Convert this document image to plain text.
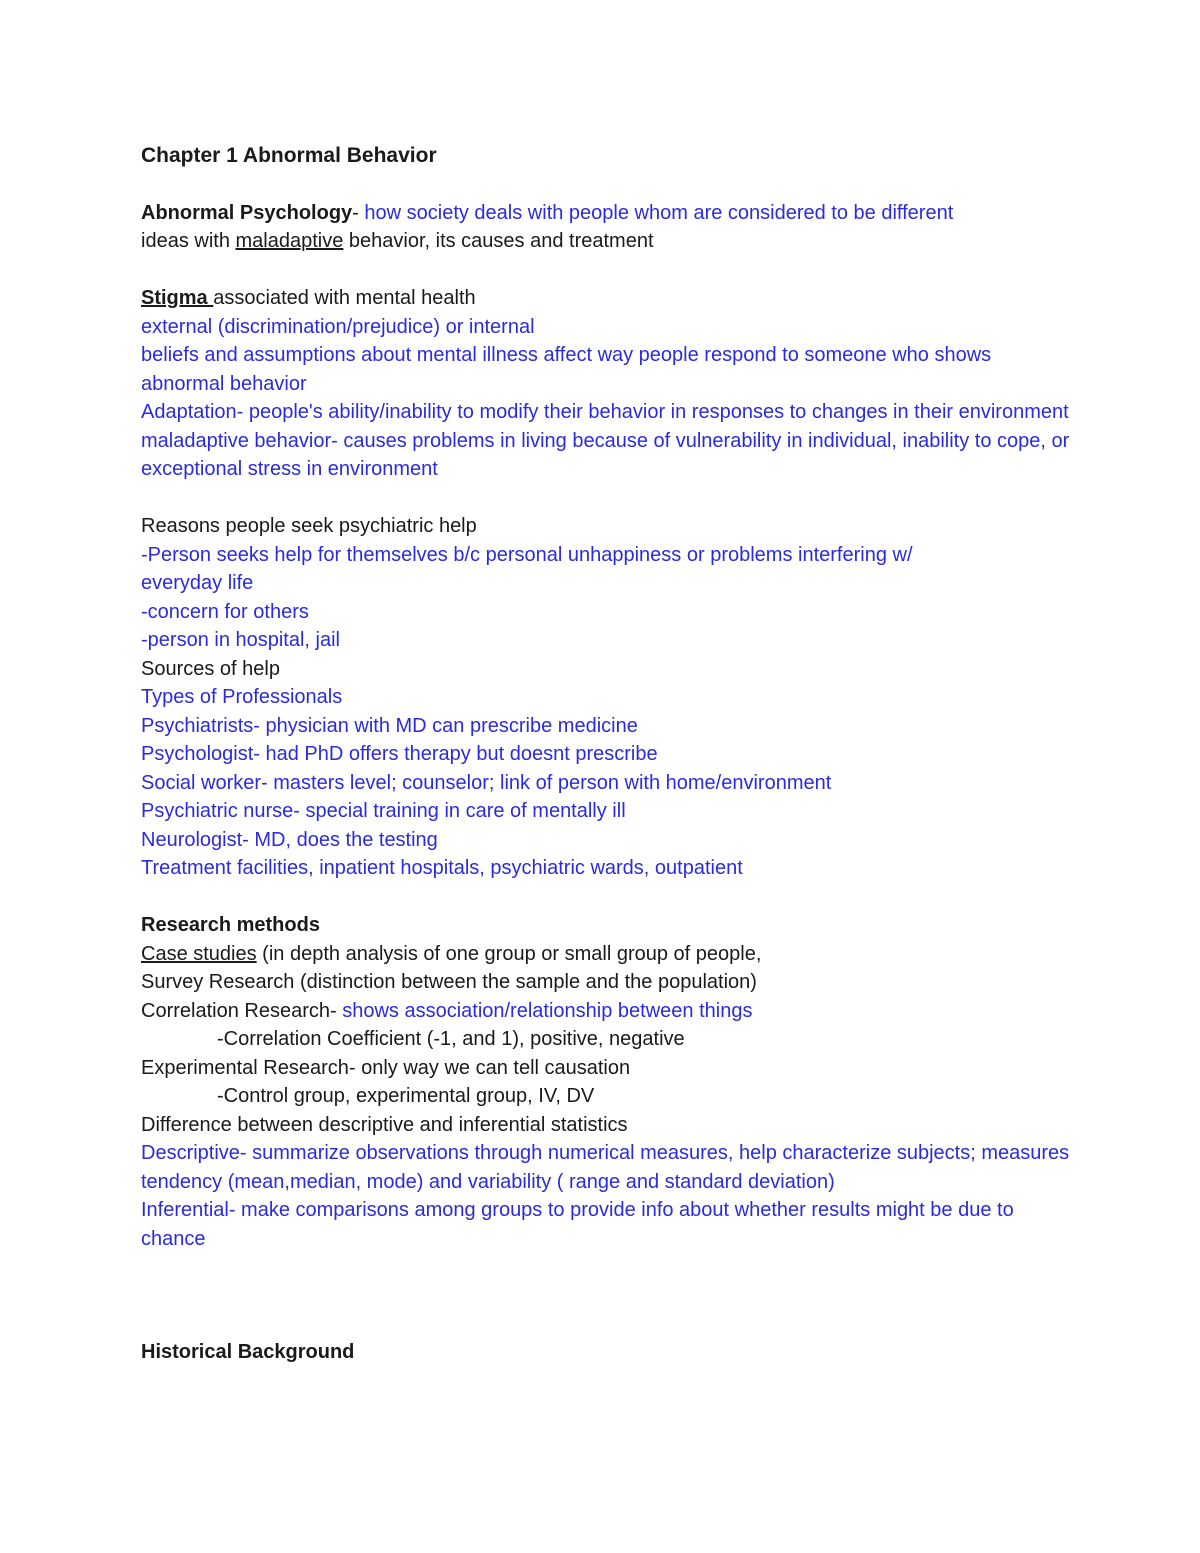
Chapter 1 Abnormal Behavior
Abnormal Psychology- how society deals with people whom are considered to be different
ideas with maladaptive behavior, its causes and treatment
Stigma associated with mental health
external (discrimination/prejudice) or internal
beliefs and assumptions about mental illness affect way people respond to someone who shows abnormal behavior
Adaptation- people's ability/inability to modify their behavior in responses to changes in their environment
maladaptive behavior- causes problems in living because of vulnerability in individual, inability to cope, or exceptional stress in environment
Reasons people seek psychiatric help
-Person seeks help for themselves b/c personal unhappiness or problems interfering w/ everyday life
-concern for others
-person in hospital, jail
Sources of help
Types of Professionals
Psychiatrists- physician with MD can prescribe medicine
Psychologist- had PhD offers therapy but doesnt prescribe
Social worker- masters level; counselor; link of person with home/environment
Psychiatric nurse- special training in care of mentally ill
Neurologist- MD, does the testing
Treatment facilities, inpatient hospitals, psychiatric wards, outpatient
Research methods
Case studies (in depth analysis of one group or small group of people,
Survey Research (distinction between the sample and the population)
Correlation Research- shows association/relationship between things
-Correlation Coefficient (-1, and 1), positive, negative
Experimental Research- only way we can tell causation
-Control group, experimental group, IV, DV
Difference between descriptive and inferential statistics
Descriptive- summarize observations through numerical measures, help characterize subjects; measures tendency (mean,median, mode) and variability ( range and standard deviation)
Inferential- make comparisons among groups to provide info about whether results might be due to chance
Historical Background
